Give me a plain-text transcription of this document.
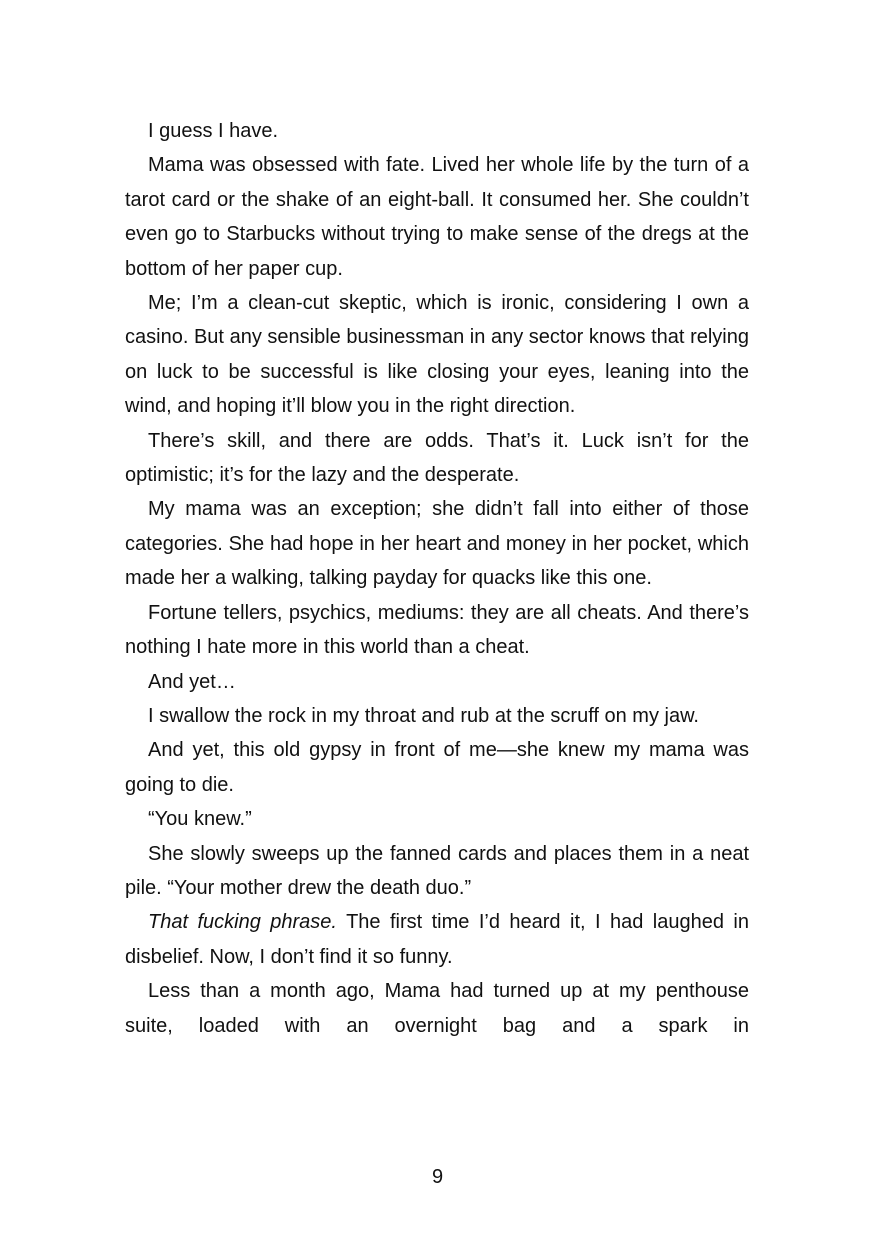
I guess I have.

Mama was obsessed with fate. Lived her whole life by the turn of a tarot card or the shake of an eight-ball. It consumed her. She couldn’t even go to Starbucks without trying to make sense of the dregs at the bottom of her paper cup.

Me; I’m a clean-cut skeptic, which is ironic, considering I own a casino. But any sensible businessman in any sector knows that relying on luck to be successful is like closing your eyes, leaning into the wind, and hoping it’ll blow you in the right direction.

There’s skill, and there are odds. That’s it. Luck isn’t for the optimistic; it’s for the lazy and the desperate.

My mama was an exception; she didn’t fall into either of those categories. She had hope in her heart and money in her pocket, which made her a walking, talking payday for quacks like this one.

Fortune tellers, psychics, mediums: they are all cheats. And there’s nothing I hate more in this world than a cheat.

And yet…

I swallow the rock in my throat and rub at the scruff on my jaw.

And yet, this old gypsy in front of me—she knew my mama was going to die.

“You knew.”

She slowly sweeps up the fanned cards and places them in a neat pile. “Your mother drew the death duo.”

That fucking phrase. The first time I’d heard it, I had laughed in disbelief. Now, I don’t find it so funny.

Less than a month ago, Mama had turned up at my penthouse suite, loaded with an overnight bag and a spark in

9
